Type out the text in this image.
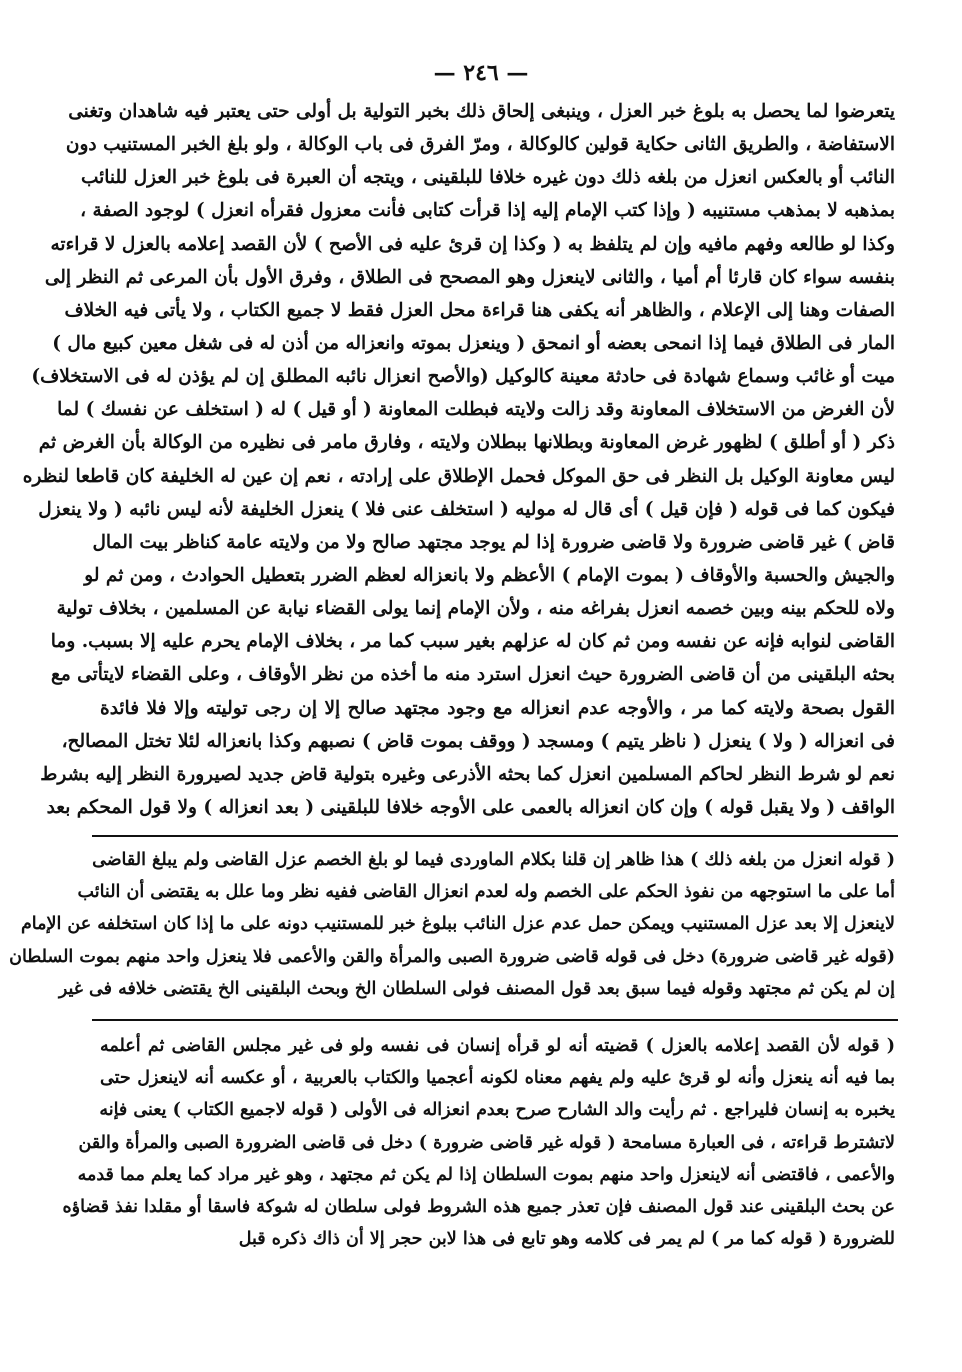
— ٢٤٦ —
يتعرضوا لما يحصل به بلوغ خبر العزل ، وينبغى إلحاق ذلك بخبر التولية بل أولى حتى يعتبر فيه شاهدان وتغنى
الاستفاضة ، والطريق الثانى حكاية قولين كالوكالة ، ومرّ الفرق فى باب الوكالة ، ولو بلغ الخبر المستنيب دون
النائب أو بالعكس انعزل من بلغه ذلك دون غيره خلافا للبلقينى ، ويتجه أن العبرة فى بلوغ خبر العزل للنائب
بمذهبه لا بمذهب مستنيبه ( وإذا كتب الإمام إليه إذا قرأت كتابى فأنت معزول فقرأه انعزل ) لوجود الصفة ،
وكذا لو طالعه وفهم مافيه وإن لم يتلفظ به ( وكذا إن قرئ عليه فى الأصح ) لأن القصد إعلامه بالعزل لا قراءته
بنفسه سواء كان قارئا أم أميا ، والثانى لاينعزل وهو المصحح فى الطلاق ، وفرق الأول بأن المرعى ثم النظر إلى
الصفات وهنا إلى الإعلام ، والظاهر أنه يكفى هنا قراءة محل العزل فقط لا جميع الكتاب ، ولا يأتى فيه الخلاف
المار فى الطلاق فيما إذا انمحى بعضه أو انمحق ( وينعزل بموته وانعزاله من أذن له فى شغل معين كبيع مال )
ميت أو غائب وسماع شهادة فى حادثة معينة كالوكيل (والأصح انعزال نائبه المطلق إن لم يؤذن له فى الاستخلاف)
لأن الغرض من الاستخلاف المعاونة وقد زالت ولايته فبطلت المعاونة ( أو قيل ) له ( استخلف عن نفسك ) لما
ذكر ( أو أطلق ) لظهور غرض المعاونة وبطلانها ببطلان ولايته ، وفارق مامر فى نظيره من الوكالة بأن الغرض ثم
ليس معاونة الوكيل بل النظر فى حق الموكل فحمل الإطلاق على إرادته ، نعم إن عين له الخليفة كان قاطعا لنظره
فيكون كما فى قوله ( فإن قيل ) أى قال له موليه ( استخلف عنى فلا ) ينعزل الخليفة لأنه ليس نائبه ( ولا ينعزل
قاض ) غير قاضى ضرورة ولا قاضى ضرورة إذا لم يوجد مجتهد صالح ولا من ولايته عامة كناظر بيت المال
والجيش والحسبة والأوقاف ( بموت الإمام ) الأعظم ولا بانعزاله لعظم الضرر بتعطيل الحوادث ، ومن ثم لو
ولاه للحكم بينه وبين خصمه انعزل بفراغه منه ، ولأن الإمام إنما يولى القضاء نيابة عن المسلمين ، بخلاف تولية
القاضى لنوابه فإنه عن نفسه ومن ثم كان له عزلهم بغير سبب كما مر ، بخلاف الإمام يحرم عليه إلا بسبب. وما
بحثه البلقينى من أن قاضى الضرورة حيث انعزل استرد منه ما أخذه من نظر الأوقاف ، وعلى القضاء لايتأتى مع
القول بصحة ولايته كما مر ، والأوجه عدم انعزاله مع وجود مجتهد صالح إلا إن رجى توليته وإلا فلا فائدة
فى انعزاله ( ولا ) ينعزل ( ناظر يتيم ) ومسجد ( ووقف بموت قاض ) نصبهم وكذا بانعزاله لئلا تختل المصالح،
نعم لو شرط النظر لحاكم المسلمين انعزل كما بحثه الأذرعى وغيره بتولية قاض جديد لصيرورة النظر إليه بشرط
الواقف ( ولا يقبل قوله ) وإن كان انعزاله بالعمى على الأوجه خلافا للبلقينى ( بعد انعزاله ) ولا قول المحكم بعد
( قوله انعزل من بلغه ذلك ) هذا ظاهر إن قلنا بكلام الماوردى فيما لو بلغ الخصم عزل القاضى ولم يبلغ القاضى
أما على ما استوجهه من نفوذ الحكم على الخصم وله لعدم انعزال القاضى ففيه نظر وما علل به يقتضى أن النائب
لاينعزل إلا بعد عزل المستنيب ويمكن حمل عدم عزل النائب ببلوغ خبر للمستنيب دونه على ما إذا كان استخلفه عن الإمام
(قوله غير قاضى ضرورة) دخل فى قوله قاضى ضرورة الصبى والمرأة والقن والأعمى فلا ينعزل واحد منهم بموت السلطان
إن لم يكن ثم مجتهد وقوله فيما سبق بعد قول المصنف فولى السلطان الخ وبحث البلقينى الخ يقتضى خلافه فى غير
( قوله لأن القصد إعلامه بالعزل ) قضيته أنه لو قرأه إنسان فى نفسه ولو فى غير مجلس القاضى ثم أعلمه
بما فيه أنه ينعزل وأنه لو قرئ عليه ولم يفهم معناه لكونه أعجميا والكتاب بالعربية ، أو عكسه أنه لاينعزل حتى
يخبره به إنسان فليراجع . ثم رأيت والد الشارح صرح بعدم انعزاله فى الأولى ( قوله لاجميع الكتاب ) يعنى فإنه
لاتشترط قراءته ، فى العبارة مسامحة ( قوله غير قاضى ضرورة ) دخل فى قاضى الضرورة الصبى والمرأة والقن
والأعمى ، فاقتضى أنه لاينعزل واحد منهم بموت السلطان إذا لم يكن ثم مجتهد ، وهو غير مراد كما يعلم مما قدمه
عن بحث البلقينى عند قول المصنف فإن تعذر جميع هذه الشروط فولى سلطان له شوكة فاسقا أو مقلدا نفذ قضاؤه
للضرورة ( قوله كما مر ) لم يمر فى كلامه وهو تابع فى هذا لابن حجر إلا أن ذاك ذكره قبل
